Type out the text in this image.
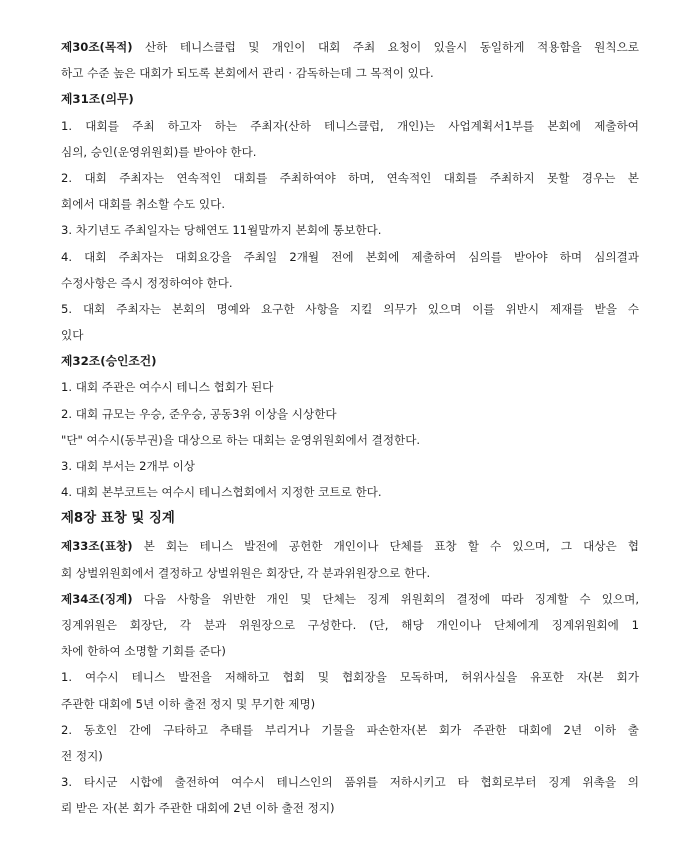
제30조(목적) 산하 테니스클럽 및 개인이 대회 주최 요청이 있을시 동일하게 적용함을 원칙으로
하고 수준 높은 대회가 되도록 본회에서 관리 · 감독하는데 그 목적이 있다.
제31조(의무)
1. 대회를 주최 하고자 하는 주최자(산하 테니스클럽, 개인)는 사업계획서1부를 본회에 제출하여
심의, 승인(운영위원회)를 받아야 한다.
2. 대회 주최자는 연속적인 대회를 주최하여야 하며, 연속적인 대회를 주최하지 못할 경우는 본
회에서 대회를 취소할 수도 있다.
3. 차기년도 주최일자는 당해연도 11월말까지 본회에 통보한다.
4. 대회 주최자는 대회요강을 주최일 2개월 전에 본회에 제출하여 심의를 받아야 하며 심의결과
수정사항은 즉시 정정하여야 한다.
5. 대회 주최자는 본회의 명예와 요구한 사항을 지킬 의무가 있으며 이를 위반시 제재를 받을 수
있다
제32조(승인조건)
1. 대회 주관은 여수시 테니스 협회가 된다
2. 대회 규모는 우승, 준우승, 공동3위 이상을 시상한다
"단" 여수시(동부권)을 대상으로 하는 대회는 운영위원회에서 결정한다.
3. 대회 부서는 2개부 이상
4. 대회 본부코트는 여수시 테니스협회에서 지정한 코트로 한다.
제8장 표창 및 징계
제33조(표창) 본 회는 테니스 발전에 공헌한 개인이나 단체를 표창 할 수 있으며, 그 대상은 협
회 상벌위원회에서 결정하고 상벌위원은 회장단, 각 분과위원장으로 한다.
제34조(징계) 다음 사항을 위반한 개인 및 단체는 징계 위원회의 결정에 따라 징계할 수 있으며,
징계위원은 회장단, 각 분과 위원장으로 구성한다. (단, 해당 개인이나 단체에게 징계위원회에 1
차에 한하여 소명할 기회를 준다)
1. 여수시 테니스 발전을 저해하고 협회 및 협회장을 모독하며, 허위사실을 유포한 자(본 회가
주관한 대회에 5년 이하 출전 정지 및 무기한 제명)
2. 동호인 간에 구타하고 추태를 부리거나 기물을 파손한자(본 회가 주관한 대회에 2년 이하 출
전 정지)
3. 타시군 시합에 출전하여 여수시 테니스인의 품위를 저하시키고 타 협회로부터 징계 위촉을 의
뢰 받은 자(본 회가 주관한 대회에 2년 이하 출전 정지)
